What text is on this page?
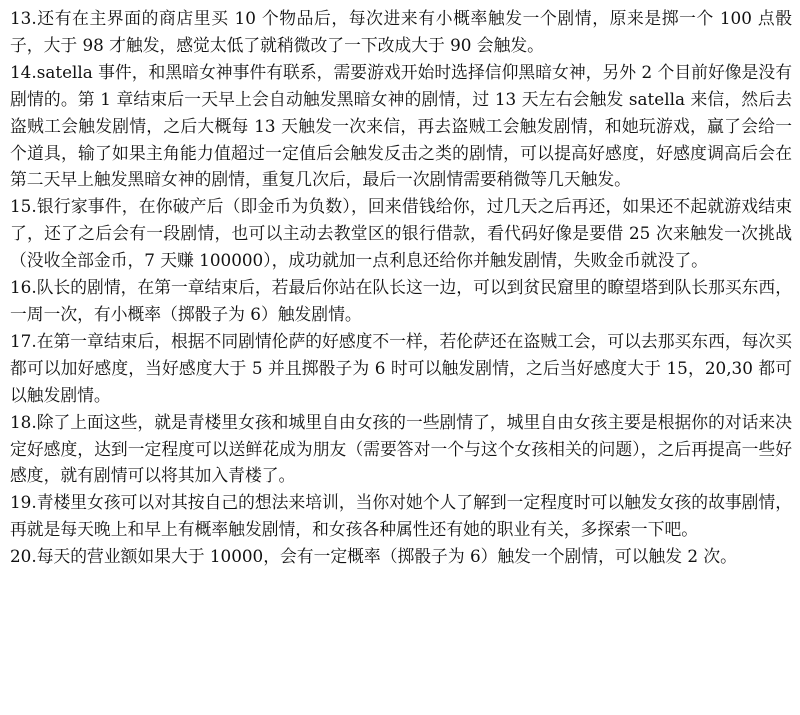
13.还有在主界面的商店里买 10 个物品后，每次进来有小概率触发一个剧情，原来是掷一个 100 点骰子，大于 98 才触发，感觉太低了就稍微改了一下改成大于 90 会触发。

14.satella 事件，和黑暗女神事件有联系，需要游戏开始时选择信仰黑暗女神，另外 2 个目前好像是没有剧情的。第 1 章结束后一天早上会自动触发黑暗女神的剧情，过 13 天左右会触发 satella 来信，然后去盗贼工会触发剧情，之后大概每 13 天触发一次来信，再去盗贼工会触发剧情，和她玩游戏，赢了会给一个道具，输了如果主角能力值超过一定值后会触发反击之类的剧情，可以提高好感度，好感度调高后会在第二天早上触发黑暗女神的剧情，重复几次后，最后一次剧情需要稍微等几天触发。

15.银行家事件，在你破产后（即金币为负数），回来借钱给你，过几天之后再还，如果还不起就游戏结束了，还了之后会有一段剧情，也可以主动去教堂区的银行借款，看代码好像是要借 25 次来触发一次挑战（没收全部金币，7 天赚 100000），成功就加一点利息还给你并触发剧情，失败金币就没了。

16.队长的剧情，在第一章结束后，若最后你站在队长这一边，可以到贫民窟里的瞭望塔到队长那买东西，一周一次，有小概率（掷骰子为 6）触发剧情。

17.在第一章结束后，根据不同剧情伦萨的好感度不一样，若伦萨还在盗贼工会，可以去那买东西，每次买都可以加好感度，当好感度大于 5 并且掷骰子为 6 时可以触发剧情，之后当好感度大于 15，20,30 都可以触发剧情。

18.除了上面这些，就是青楼里女孩和城里自由女孩的一些剧情了，城里自由女孩主要是根据你的对话来决定好感度，达到一定程度可以送鲜花成为朋友（需要答对一个与这个女孩相关的问题），之后再提高一些好感度，就有剧情可以将其加入青楼了。

19.青楼里女孩可以对其按自己的想法来培训，当你对她个人了解到一定程度时可以触发女孩的故事剧情，再就是每天晚上和早上有概率触发剧情，和女孩各种属性还有她的职业有关，多探索一下吧。

20.每天的营业额如果大于 10000，会有一定概率（掷骰子为 6）触发一个剧情，可以触发 2 次。
